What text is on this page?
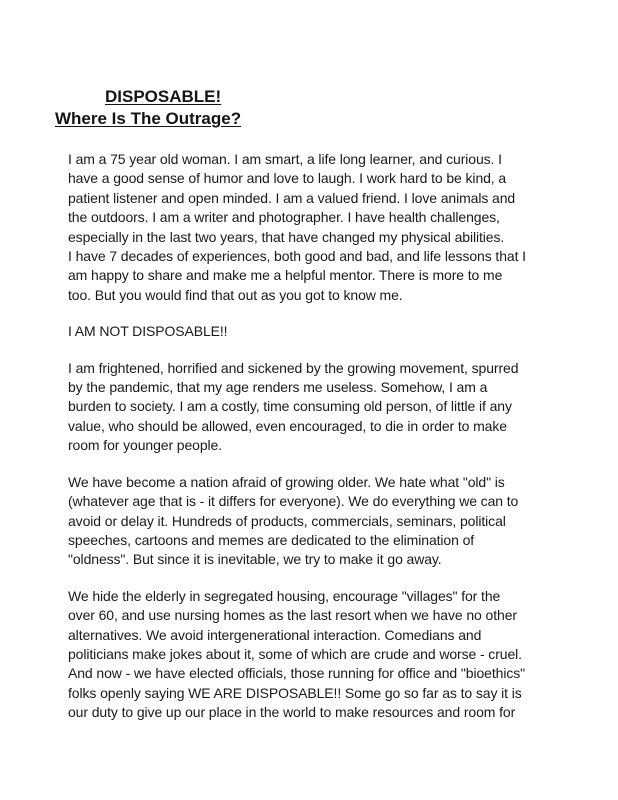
DISPOSABLE!
Where Is The Outrage?
I am a 75 year old woman. I am smart, a life long learner, and curious. I
have a good sense of humor and love to laugh. I work hard to be kind, a
patient listener and open minded. I am a valued friend. I love animals and
the outdoors. I am a writer and photographer. I have health challenges,
especially in the last two years, that have changed my physical abilities.
I have 7 decades of experiences, both good and bad, and life lessons that I
am happy to share and make me a helpful mentor. There is more to me
too. But you would find that out as you got to know me.
I AM NOT DISPOSABLE!!
I am frightened, horrified and sickened by the growing movement, spurred
by the pandemic, that my age renders me useless. Somehow, I am a
burden to society. I am a costly, time consuming old person, of little if any
value, who should be allowed, even encouraged, to die in order to make
room for younger people.
We have become a nation afraid of growing older. We hate what "old" is
(whatever age that is - it differs for everyone). We do everything we can to
avoid or delay it. Hundreds of products, commercials, seminars, political
speeches, cartoons and memes are dedicated to the elimination of
"oldness". But since it is inevitable, we try to make it go away.
We hide the elderly in segregated housing, encourage "villages" for the
over 60, and use nursing homes as the last resort when we have no other
alternatives. We avoid intergenerational interaction. Comedians and
politicians make jokes about it, some of which are crude and worse - cruel.
And now - we have elected officials, those running for office and "bioethics"
folks openly saying WE ARE DISPOSABLE!! Some go so far as to say it is
our duty to give up our place in the world to make resources and room for
